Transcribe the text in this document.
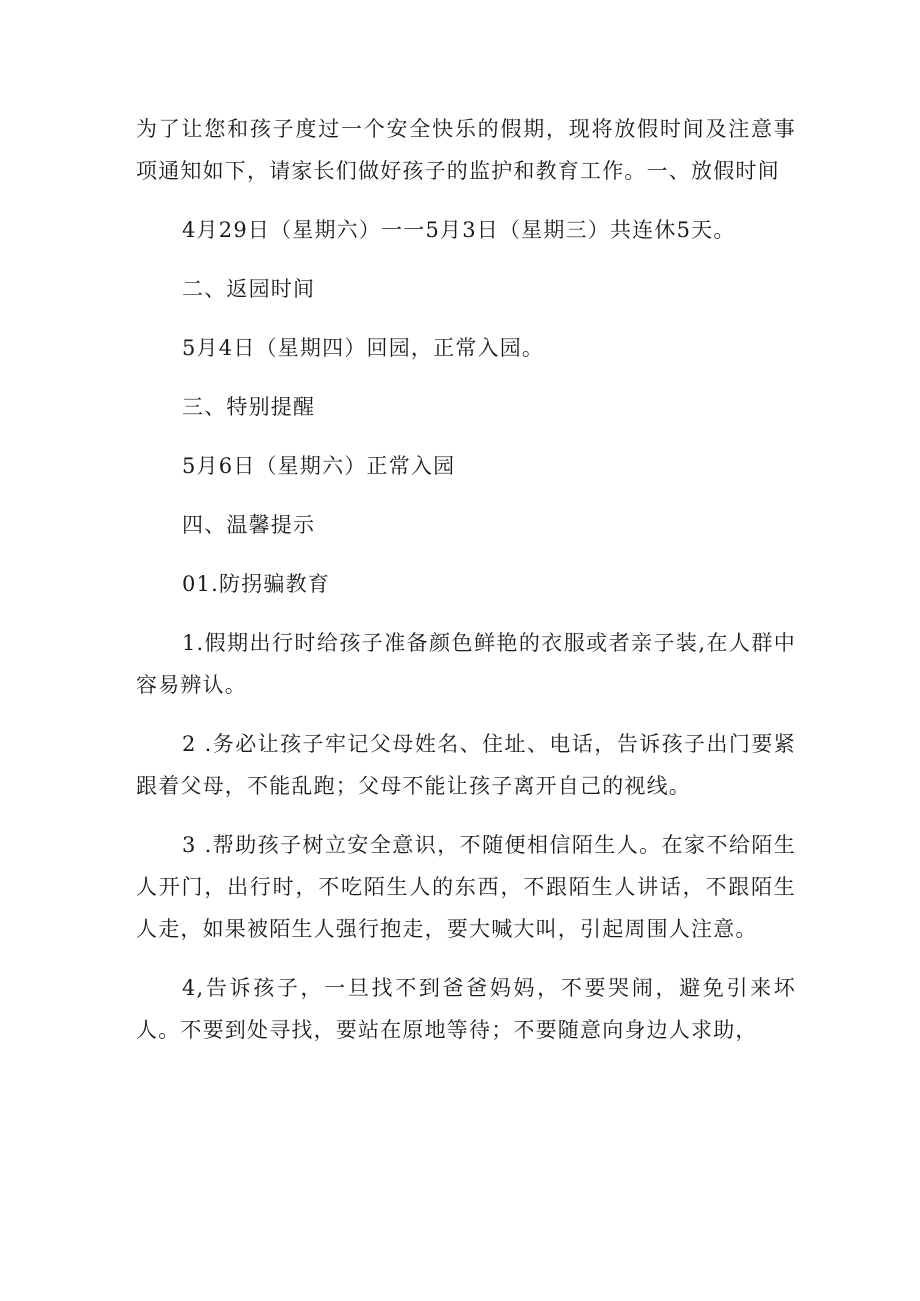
为了让您和孩子度过一个安全快乐的假期，现将放假时间及注意事项通知如下，请家长们做好孩子的监护和教育工作。一、放假时间

4月29日（星期六）一一5月3日（星期三）共连休5天。

二、返园时间

5月4日（星期四）回园，正常入园。

三、特别提醒

5月6日（星期六）正常入园

四、温馨提示

01.防拐骗教育

1.假期出行时给孩子准备颜色鲜艳的衣服或者亲子装,在人群中容易辨认。

2 .务必让孩子牢记父母姓名、住址、电话，告诉孩子出门要紧跟着父母，不能乱跑；父母不能让孩子离开自己的视线。

3 .帮助孩子树立安全意识，不随便相信陌生人。在家不给陌生人开门，出行时，不吃陌生人的东西，不跟陌生人讲话，不跟陌生人走，如果被陌生人强行抱走，要大喊大叫，引起周围人注意。

4,告诉孩子，一旦找不到爸爸妈妈，不要哭闹，避免引来坏人。不要到处寻找，要站在原地等待；不要随意向身边人求助，
